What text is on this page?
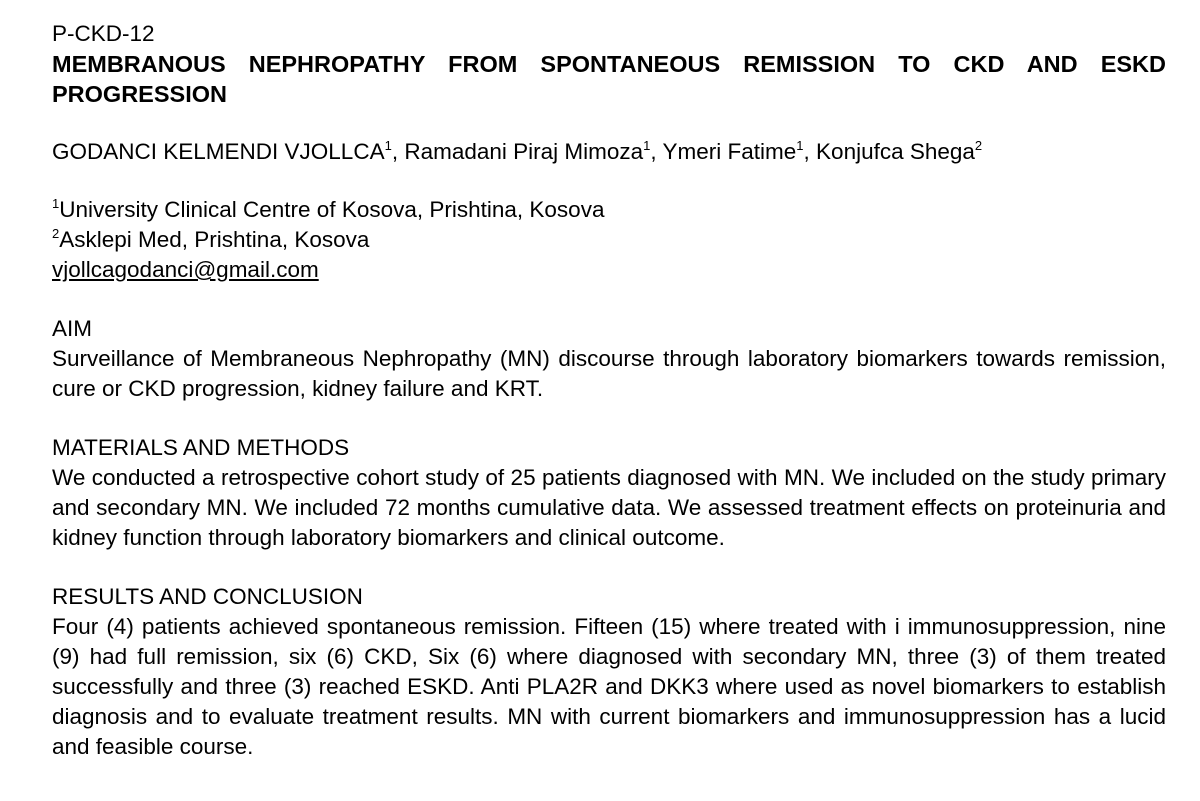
P-CKD-12
MEMBRANOUS NEPHROPATHY FROM SPONTANEOUS REMISSION TO CKD AND ESKD PROGRESSION
GODANCI KELMENDI VJOLLCA$^1$, Ramadani Piraj Mimoza$^1$, Ymeri Fatime$^1$, Konjufca Shega$^2$
$^1$University Clinical Centre of Kosova, Prishtina, Kosova
$^2$Asklepi Med, Prishtina, Kosova
vjollcagodanci@gmail.com
AIM
Surveillance of Membraneous Nephropathy (MN) discourse through laboratory biomarkers towards remission, cure or CKD progression, kidney failure and KRT.
MATERIALS AND METHODS
We conducted a retrospective cohort study of 25 patients diagnosed with MN. We included on the study primary and secondary MN. We included 72 months cumulative data. We assessed treatment effects on proteinuria and kidney function through laboratory biomarkers and clinical outcome.
RESULTS AND CONCLUSION
Four (4) patients achieved spontaneous remission. Fifteen (15) where treated with i immunosuppression, nine (9) had full remission, six (6) CKD, Six (6) where diagnosed with secondary MN, three (3) of them treated successfully and three (3) reached ESKD. Anti PLA2R and DKK3 where used as novel biomarkers to establish diagnosis and to evaluate treatment results. MN with current biomarkers and immunosuppression has a lucid and feasible course.
